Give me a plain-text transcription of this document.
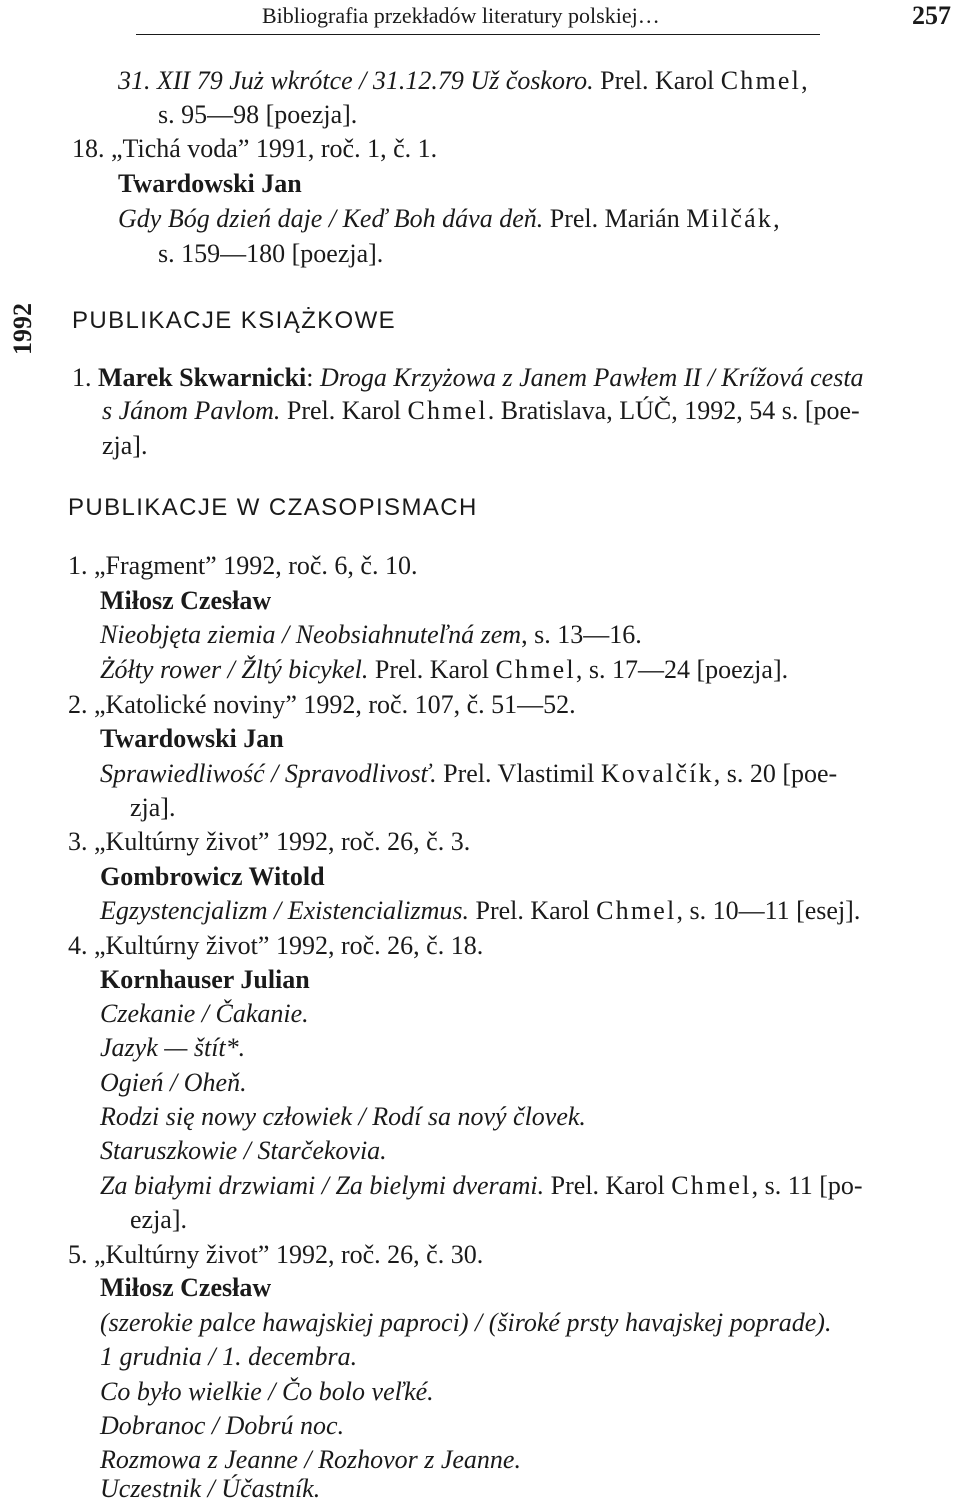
Bibliografia przekładów literatury polskiej…	257
1992
31. XII 79 Już wkrótce / 31.12.79 Už čoskoro. Prel. Karol Chmel,
s. 95—98 [poezja].
18. „Tichá voda” 1991, roč. 1, č. 1.
Twardowski Jan
Gdy Bóg dzień daje / Keď Boh dáva deň. Prel. Marián Milčák,
s. 159—180 [poezja].
PUBLIKACJE KSIĄŻKOWE
1. Marek Skwarnicki: Droga Krzyżowa z Janem Pawłem II / Krížová cesta
s Jánom Pavlom. Prel. Karol Chmel. Bratislava, LÚČ, 1992, 54 s. [poe-
zja].
PUBLIKACJE W CZASOPISMACH
1. „Fragment” 1992, roč. 6, č. 10.
Miłosz Czesław
Nieobjęta ziemia / Neobsiahnuteľná zem, s. 13—16.
Żółty rower / Žltý bicykel. Prel. Karol Chmel, s. 17—24 [poezja].
2. „Katolické noviny” 1992, roč. 107, č. 51—52.
Twardowski Jan
Sprawiedliwość / Spravodlivosť. Prel. Vlastimil Kovalčík, s. 20 [poe-
zja].
3. „Kultúrny život” 1992, roč. 26, č. 3.
Gombrowicz Witold
Egzystencjalizm / Existencializmus. Prel. Karol Chmel, s. 10—11 [esej].
4. „Kultúrny život” 1992, roč. 26, č. 18.
Kornhauser Julian
Czekanie / Čakanie.
Jazyk — štít*.
Ogień / Oheň.
Rodzi się nowy człowiek / Rodí sa nový človek.
Staruszkowie / Starčekovia.
Za białymi drzwiami / Za bielymi dverami. Prel. Karol Chmel, s. 11 [po-
ezja].
5. „Kultúrny život” 1992, roč. 26, č. 30.
Miłosz Czesław
(szerokie palce hawajskiej paproci) / (široké prsty havajskej poprade).
1 grudnia / 1. decembra.
Co było wielkie / Čo bolo veľké.
Dobranoc / Dobrú noc.
Rozmowa z Jeanne / Rozhovor z Jeanne.
Uczestnik / Účastník.
